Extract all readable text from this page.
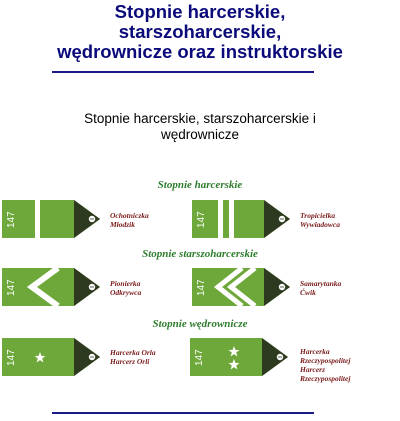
Stopnie harcerskie,
starszoharcerskie,
wędrownicze oraz instruktorskie
Stopnie harcerskie, starszoharcerskie i
wędrownicze
Stopnie harcerskie
Stopnie starszoharcerskie
Stopnie wędrownicze
147	Ochotniczka
Młodzik	147	Tropicielka
Wywiadowca
147	Pionierka
Odkrywca	147	Samarytanka
Ćwik
147	Harcerka Orla
Harcerz Orli	147	Harcerka
Rzeczypospolitej
Harcerz
Rzeczypospolitej
